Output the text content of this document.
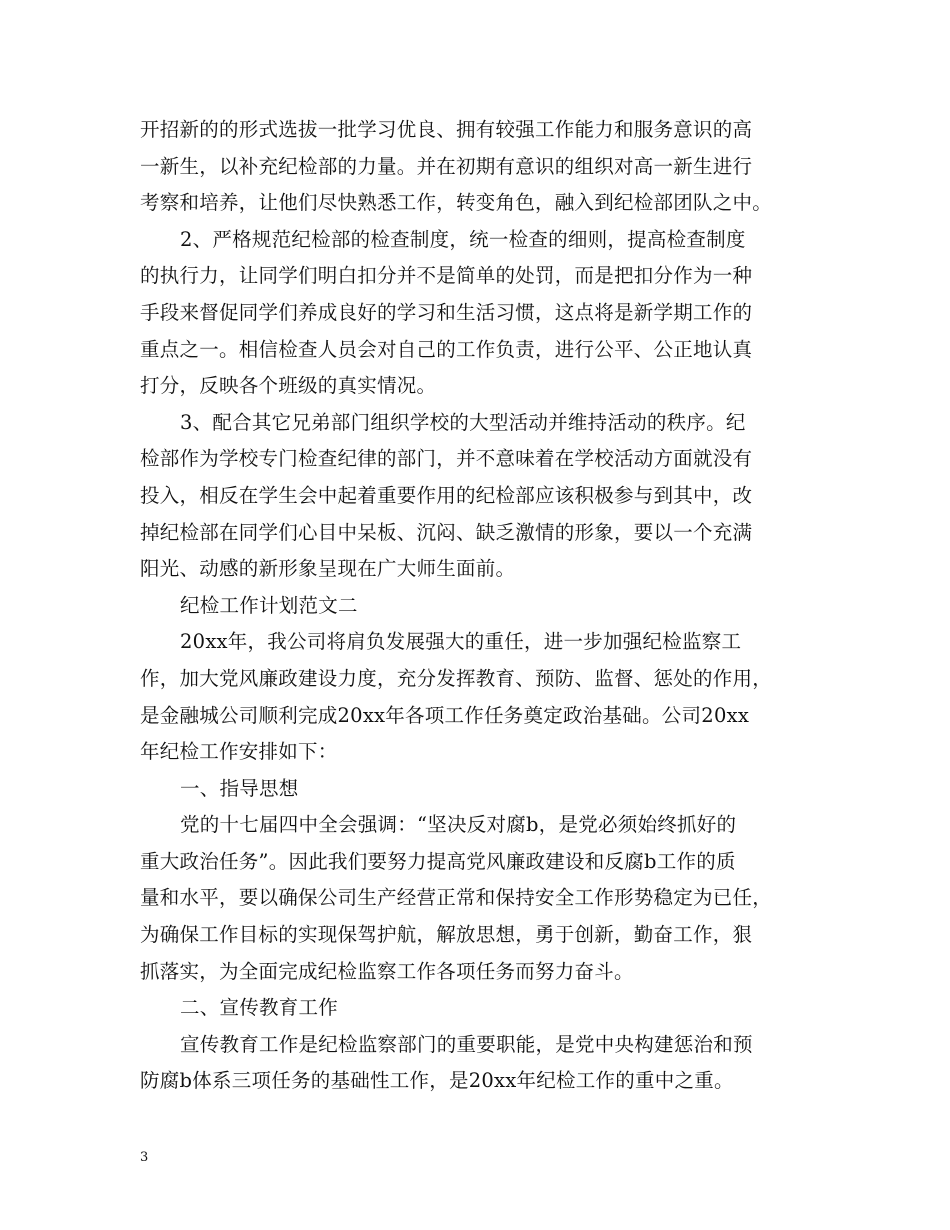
开招新的的形式选拔一批学习优良、拥有较强工作能力和服务意识的高
一新生，以补充纪检部的力量。并在初期有意识的组织对高一新生进行
考察和培养，让他们尽快熟悉工作，转变角色，融入到纪检部团队之中。
2、严格规范纪检部的检查制度，统一检查的细则，提高检查制度
的执行力，让同学们明白扣分并不是简单的处罚，而是把扣分作为一种
手段来督促同学们养成良好的学习和生活习惯，这点将是新学期工作的
重点之一。相信检查人员会对自己的工作负责，进行公平、公正地认真
打分，反映各个班级的真实情况。
3、配合其它兄弟部门组织学校的大型活动并维持活动的秩序。纪
检部作为学校专门检查纪律的部门，并不意味着在学校活动方面就没有
投入，相反在学生会中起着重要作用的纪检部应该积极参与到其中，改
掉纪检部在同学们心目中呆板、沉闷、缺乏激情的形象，要以一个充满
阳光、动感的新形象呈现在广大师生面前。
纪检工作计划范文二
20xx年，我公司将肩负发展强大的重任，进一步加强纪检监察工
作，加大党风廉政建设力度，充分发挥教育、预防、监督、惩处的作用，
是金融城公司顺利完成20xx年各项工作任务奠定政治基础。公司20xx
年纪检工作安排如下：
一、指导思想
党的十七届四中全会强调：“坚决反对腐b，是党必须始终抓好的
重大政治任务”。因此我们要努力提高党风廉政建设和反腐b工作的质
量和水平，要以确保公司生产经营正常和保持安全工作形势稳定为已任，
为确保工作目标的实现保驾护航，解放思想，勇于创新，勤奋工作，狠
抓落实，为全面完成纪检监察工作各项任务而努力奋斗。
二、宣传教育工作
宣传教育工作是纪检监察部门的重要职能，是党中央构建惩治和预
防腐b体系三项任务的基础性工作，是20xx年纪检工作的重中之重。
3
